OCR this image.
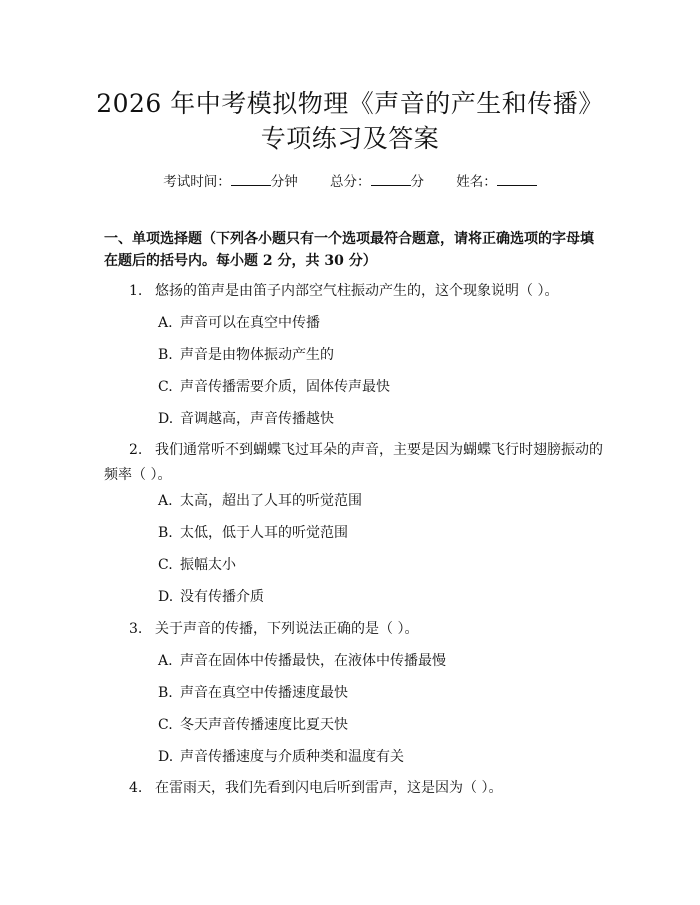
2026 年中考模拟物理《声音的产生和传播》
专项练习及答案
考试时间：	分钟 总分：	分 姓名：

一、单项选择题（下列各小题只有一个选项最符合题意，请将正确选项的字母填在题后的括号内。每小题 2 分，共 30 分）

1. 悠扬的笛声是由笛子内部空气柱振动产生的，这个现象说明（ ）。
A. 声音可以在真空中传播
B. 声音是由物体振动产生的
C. 声音传播需要介质，固体传声最快
D. 音调越高，声音传播越快
2. 我们通常听不到蝴蝶飞过耳朵的声音，主要是因为蝴蝶飞行时翅膀振动的频率（ ）。
A. 太高，超出了人耳的听觉范围
B. 太低，低于人耳的听觉范围
C. 振幅太小
D. 没有传播介质
3. 关于声音的传播，下列说法正确的是（ ）。
A. 声音在固体中传播最快，在液体中传播最慢
B. 声音在真空中传播速度最快
C. 冬天声音传播速度比夏天快
D. 声音传播速度与介质种类和温度有关
4. 在雷雨天，我们先看到闪电后听到雷声，这是因为（ ）。
